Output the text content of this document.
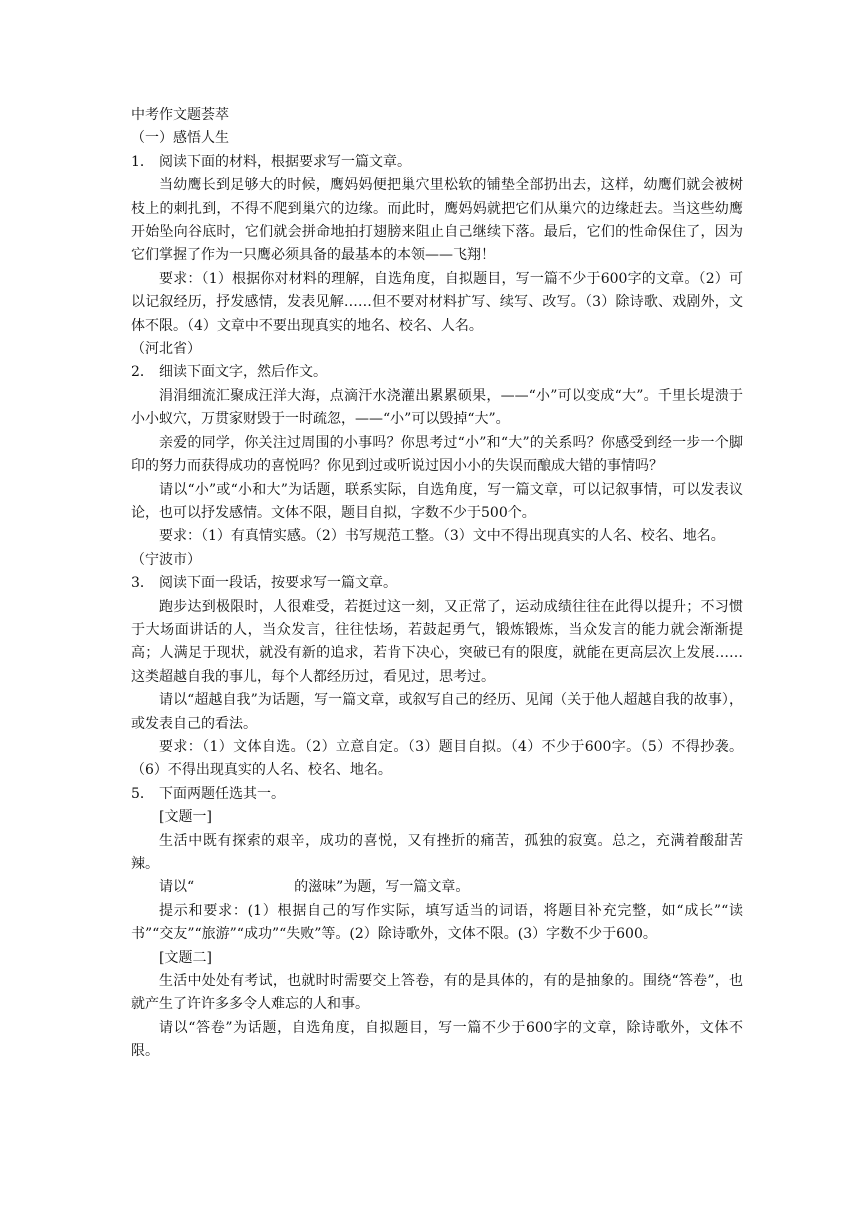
中考作文题荟萃

（一）感悟人生

1． 阅读下面的材料，根据要求写一篇文章。

当幼鹰长到足够大的时候，鹰妈妈便把巢穴里松软的铺垫全部扔出去，这样，幼鹰们就会被树枝上的刺扎到，不得不爬到巢穴的边缘。而此时，鹰妈妈就把它们从巢穴的边缘赶去。当这些幼鹰开始坠向谷底时，它们就会拼命地拍打翅膀来阻止自己继续下落。最后，它们的性命保住了，因为它们掌握了作为一只鹰必须具备的最基本的本领——飞翔！

要求：（1）根据你对材料的理解，自选角度，自拟题目，写一篇不少于600字的文章。（2）可以记叙经历，抒发感情，发表见解……但不要对材料扩写、续写、改写。（3）除诗歌、戏剧外，文体不限。（4）文章中不要出现真实的地名、校名、人名。

（河北省）

2． 细读下面文字，然后作文。

涓涓细流汇聚成汪洋大海，点滴汗水浇灌出累累硕果，——“小”可以变成“大”。千里长堤溃于小小蚁穴，万贯家财毁于一时疏忽，——“小”可以毁掉“大”。

亲爱的同学，你关注过周围的小事吗？你思考过“小”和“大”的关系吗？你感受到经一步一个脚印的努力而获得成功的喜悦吗？你见到过或听说过因小小的失误而酿成大错的事情吗？

请以“小”或“小和大”为话题，联系实际，自选角度，写一篇文章，可以记叙事情，可以发表议论，也可以抒发感情。文体不限，题目自拟，字数不少于500个。

要求：（1）有真情实感。（2）书写规范工整。（3）文中不得出现真实的人名、校名、地名。

（宁波市）

3． 阅读下面一段话，按要求写一篇文章。

跑步达到极限时，人很难受，若挺过这一刻，又正常了，运动成绩往往在此得以提升；不习惯于大场面讲话的人，当众发言，往往怯场，若鼓起勇气，锻炼锻炼，当众发言的能力就会渐渐提高；人满足于现状，就没有新的追求，若肯下决心，突破已有的限度，就能在更高层次上发展……这类超越自我的事儿，每个人都经历过，看见过，思考过。

请以“超越自我”为话题，写一篇文章，或叙写自己的经历、见闻（关于他人超越自我的故事），或发表自己的看法。

要求：（1）文体自选。（2）立意自定。（3）题目自拟。（4）不少于600字。（5）不得抄袭。（6）不得出现真实的人名、校名、地名。

5． 下面两题任选其一。

[文题一]

生活中既有探索的艰辛，成功的喜悦，又有挫折的痛苦，孤独的寂寞。总之，充满着酸甜苦辣。

请以“	的滋味”为题，写一篇文章。

提示和要求：(1）根据自己的写作实际，填写适当的词语，将题目补充完整，如“成长”“读书”“交友”“旅游”“成功”“失败”等。(2）除诗歌外，文体不限。(3）字数不少于600。

[文题二]

生活中处处有考试，也就时时需要交上答卷，有的是具体的，有的是抽象的。围绕“答卷”，也就产生了许许多多令人难忘的人和事。

请以“答卷”为话题，自选角度，自拟题目，写一篇不少于600字的文章，除诗歌外，文体不限。
